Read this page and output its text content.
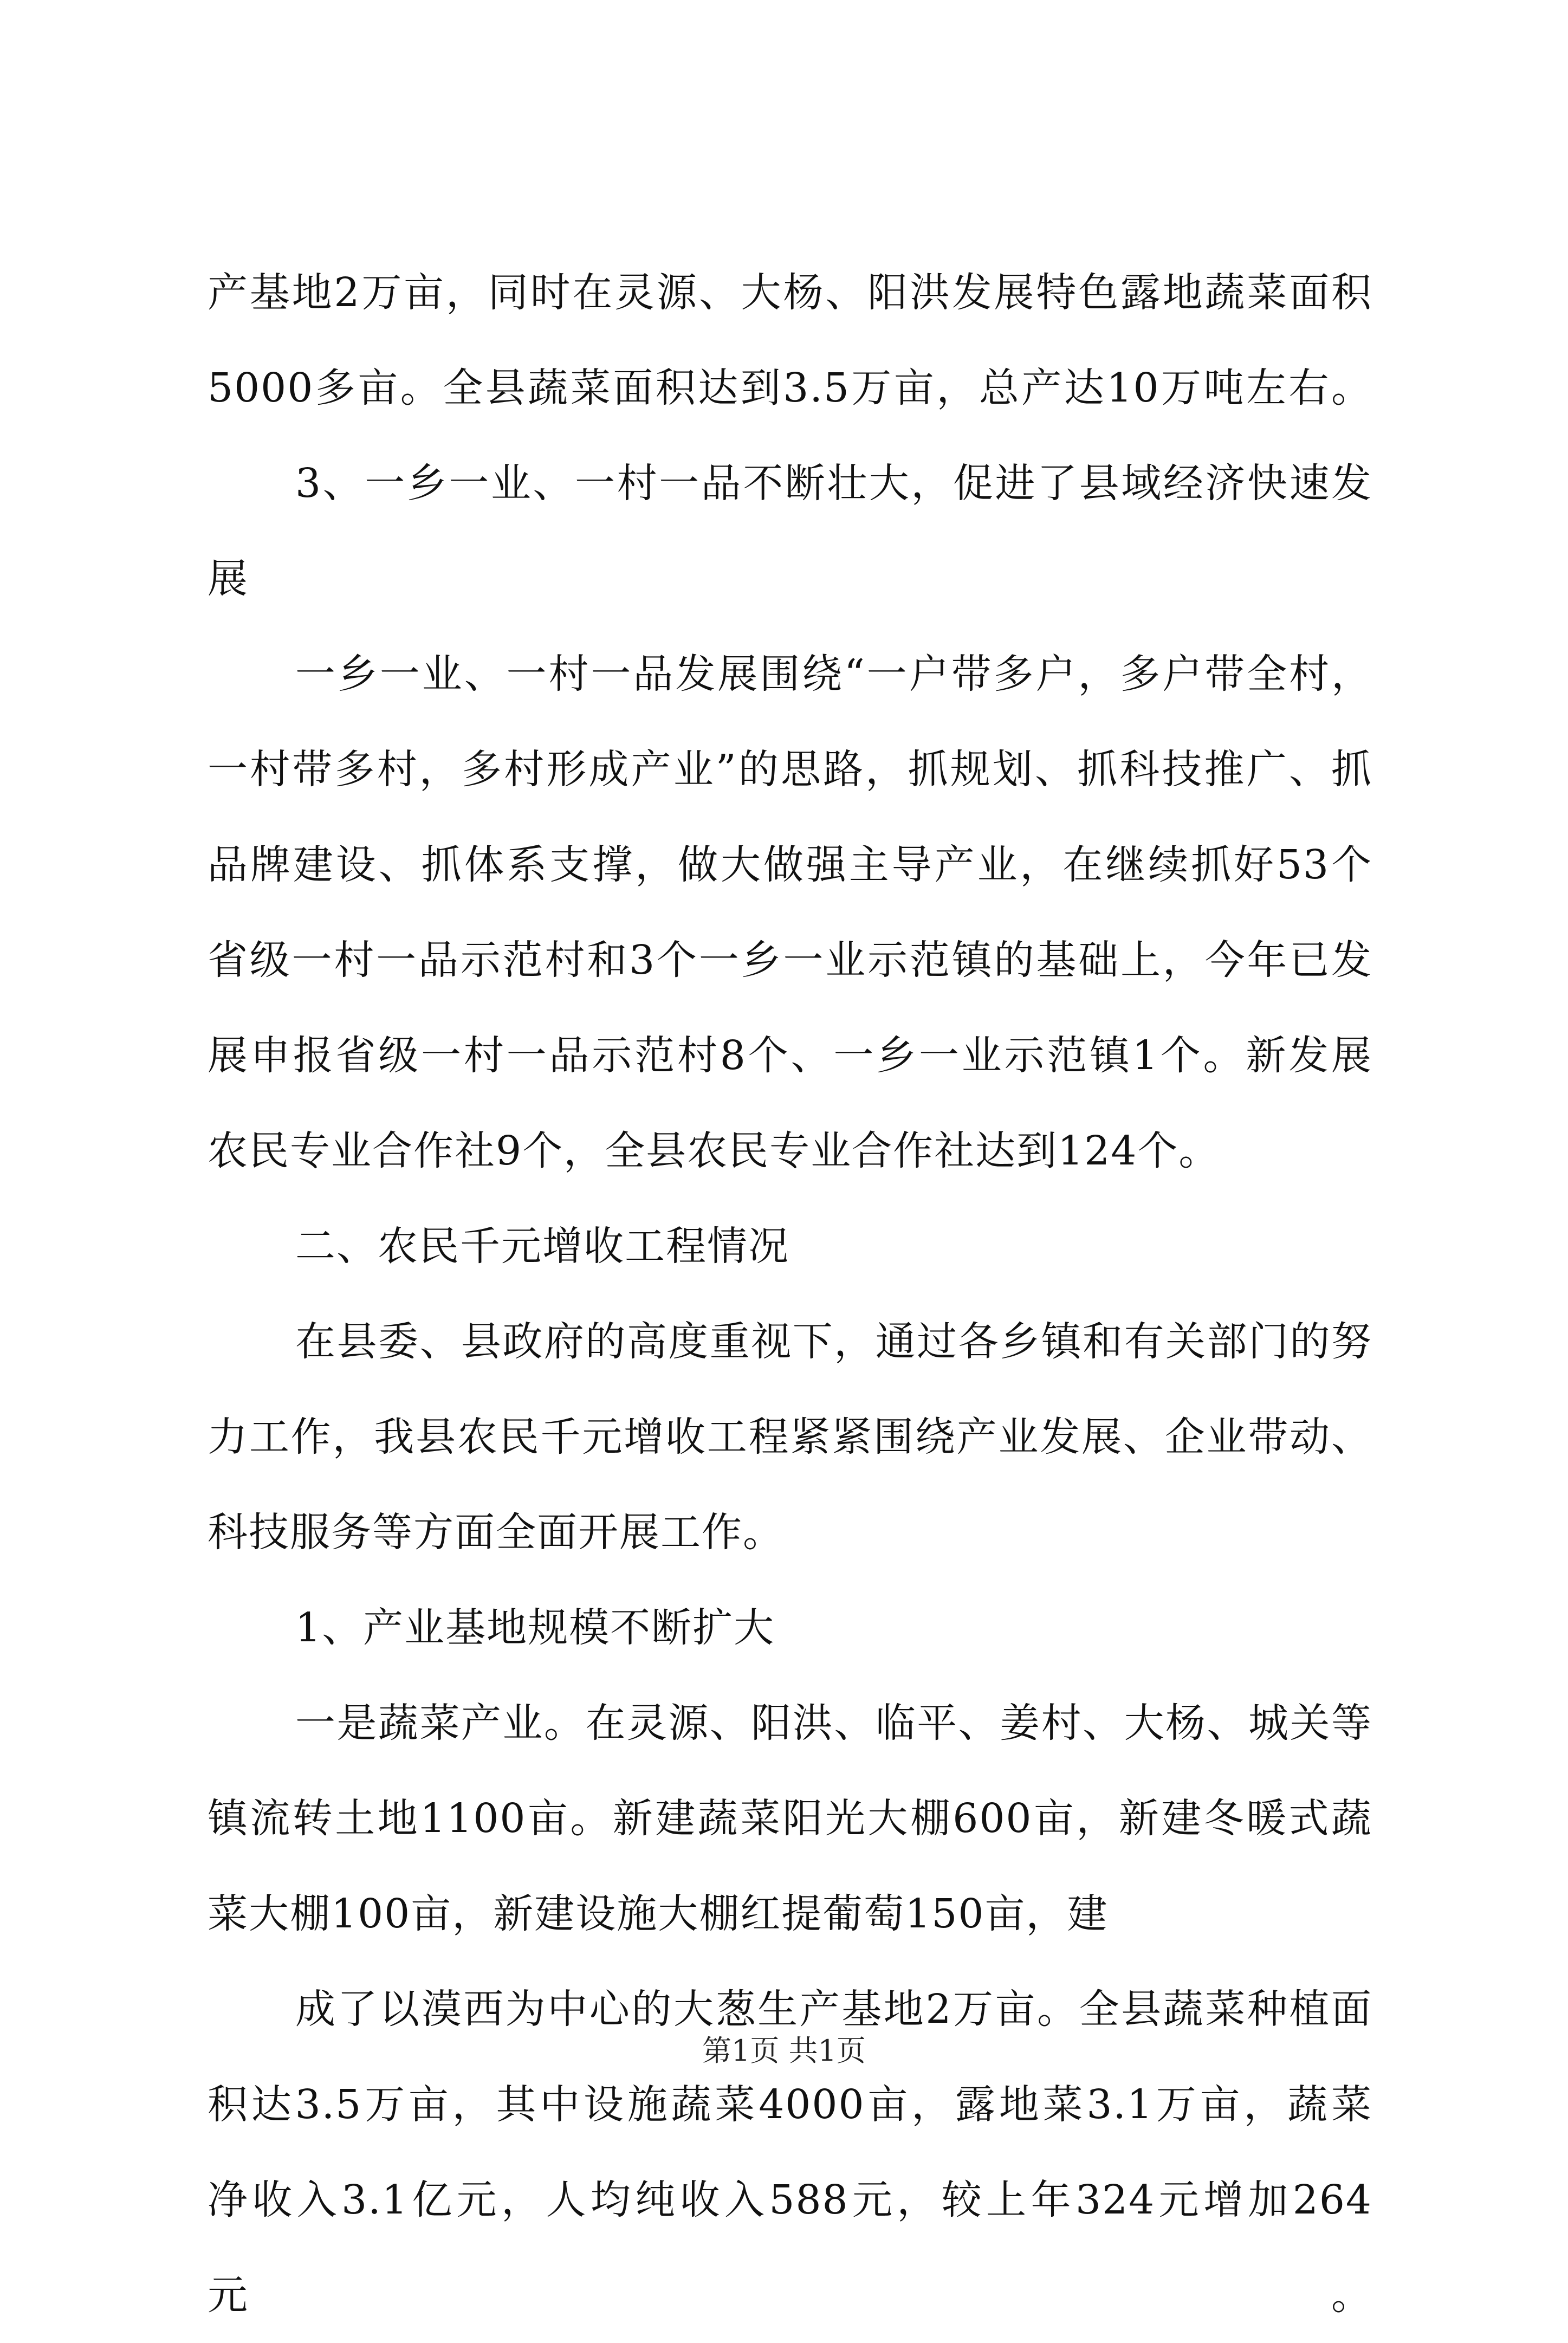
产基地2万亩，同时在灵源、大杨、阳洪发展特色露地蔬菜面积
5000多亩。全县蔬菜面积达到3.5万亩，总产达10万吨左右。
3、一乡一业、一村一品不断壮大，促进了县域经济快速发
展
一乡一业、一村一品发展围绕“一户带多户，多户带全村，
一村带多村，多村形成产业”的思路，抓规划、抓科技推广、抓
品牌建设、抓体系支撑，做大做强主导产业，在继续抓好53个
省级一村一品示范村和3个一乡一业示范镇的基础上，今年已发
展申报省级一村一品示范村8个、一乡一业示范镇1个。新发展
农民专业合作社9个，全县农民专业合作社达到124个。
二、农民千元增收工程情况
在县委、县政府的高度重视下，通过各乡镇和有关部门的努
力工作，我县农民千元增收工程紧紧围绕产业发展、企业带动、
科技服务等方面全面开展工作。
1、产业基地规模不断扩大
一是蔬菜产业。在灵源、阳洪、临平、姜村、大杨、城关等
镇流转土地1100亩。新建蔬菜阳光大棚600亩，新建冬暖式蔬
菜大棚100亩，新建设施大棚红提葡萄150亩，建
成了以漠西为中心的大葱生产基地2万亩。全县蔬菜种植面
积达3.5万亩，其中设施蔬菜4000亩，露地菜3.1万亩，蔬菜
净收入3.1亿元，人均纯收入588元，较上年324元增加264元。
第1页 共1页
